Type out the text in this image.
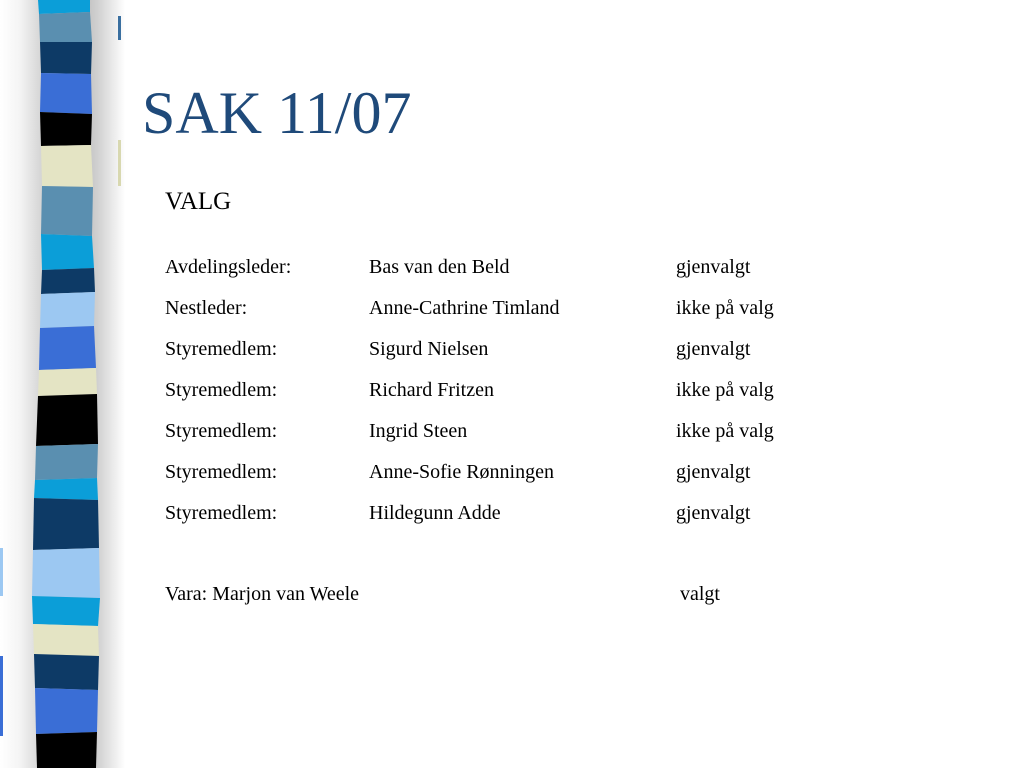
SAK 11/07
VALG
Avdelingsleder:	Bas van den Beld	gjenvalgt
Nestleder:	Anne-Cathrine Timland	ikke på valg
Styremedlem:	Sigurd Nielsen	gjenvalgt
Styremedlem:	Richard Fritzen	ikke på valg
Styremedlem:	Ingrid Steen	ikke på valg
Styremedlem:	Anne-Sofie Rønningen	gjenvalgt
Styremedlem:	Hildegunn Adde	gjenvalgt
Vara: Marjon van Weele	valgt
